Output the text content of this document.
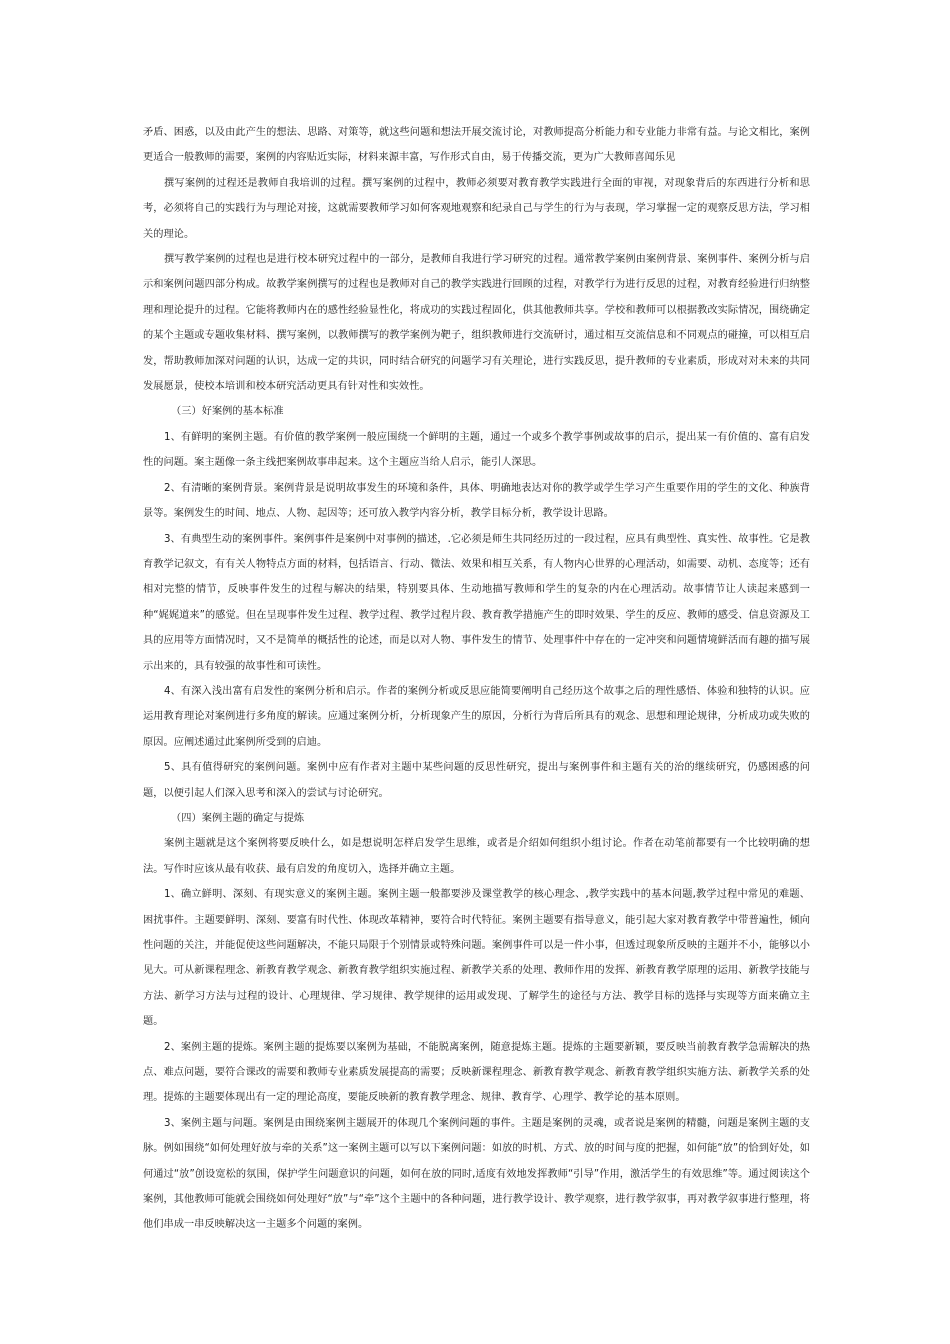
矛盾、困惑，以及由此产生的想法、思路、对策等，就这些问题和想法开展交流讨论，对教师提高分析能力和专业能力非常有益。与论文相比，案例更适合一般教师的需要，案例的内容贴近实际，材料来源丰富，写作形式自由，易于传播交流，更为广大教师喜闻乐见

撰写案例的过程还是教师自我培训的过程。撰写案例的过程中，教师必须要对教育教学实践进行全面的审视，对现象背后的东西进行分析和思考，必须将自己的实践行为与理论对接，这就需要教师学习如何客观地观察和纪录自己与学生的行为与表现，学习掌握一定的观察反思方法，学习相关的理论。

撰写教学案例的过程也是进行校本研究过程中的一部分，是教师自我进行学习研究的过程。通常教学案例由案例背景、案例事件、案例分析与启示和案例问题四部分构成。故教学案例撰写的过程也是教师对自己的教学实践进行回顾的过程，对教学行为进行反思的过程，对教育经验进行归纳整理和理论提升的过程。它能将教师内在的感性经验显性化，将成功的实践过程固化，供其他教师共享。学校和教师可以根据教改实际情况，围绕确定的某个主题或专题收集材料、撰写案例，以教师撰写的教学案例为靶子，组织教师进行交流研讨，通过相互交流信息和不同观点的碰撞，可以相互启发，帮助教师加深对问题的认识，达成一定的共识，同时结合研究的问题学习有关理论，进行实践反思，提升教师的专业素质，形成对对未来的共同发展愿景，使校本培训和校本研究活动更具有针对性和实效性。

（三）好案例的基本标准

1、有鲜明的案例主题。有价值的教学案例一般应围绕一个鲜明的主题，通过一个或多个教学事例或故事的启示，提出某一有价值的、富有启发性的问题。案主题像一条主线把案例故事串起来。这个主题应当给人启示，能引人深思。

2、有清晰的案例背景。案例背景是说明故事发生的环境和条件，具体、明确地表达对你的教学或学生学习产生重要作用的学生的文化、种族背景等。案例发生的时间、地点、人物、起因等；还可放入教学内容分析，教学目标分析，教学设计思路。

3、有典型生动的案例事件。案例事件是案例中对事例的描述，.它必须是师生共同经历过的一段过程，应具有典型性、真实性、故事性。它是教育教学记叙文，有有关人物特点方面的材料，包括语言、行动、微法、效果和相互关系，有人物内心世界的心理活动，如需要、动机、态度等；还有相对完整的情节，反映事件发生的过程与解决的结果，特别要具体、生动地描写教师和学生的复杂的内在心理活动。故事情节让人读起来感到一种“娓娓道来”的感觉。但在呈现事件发生过程、教学过程、教学过程片段、教育教学措施产生的即时效果、学生的反应、教师的感受、信息资源及工具的应用等方面情况时，又不是简单的概括性的论述，而是以对人物、事件发生的情节、处理事件中存在的一定冲突和问题情境鲜活而有趣的描写展示出来的，具有较强的故事性和可读性。

4、有深入浅出富有启发性的案例分析和启示。作者的案例分析或反思应能简要阐明自己经历这个故事之后的理性感悟、体验和独特的认识。应运用教育理论对案例进行多角度的解读。应通过案例分析，分析现象产生的原因，分析行为背后所具有的观念、思想和理论规律，分析成功或失败的原因。应阐述通过此案例所受到的启迪。

5、具有值得研究的案例问题。案例中应有作者对主题中某些问题的反思性研究，提出与案例事件和主题有关的治的继续研究，仍感困惑的问题，以便引起人们深入思考和深入的尝试与讨论研究。

（四）案例主题的确定与提炼

案例主题就是这个案例将要反映什么，如是想说明怎样启发学生思维，或者是介绍如何组织小组讨论。作者在动笔前都要有一个比较明确的想法。写作时应该从最有收获、最有启发的角度切入，选择并确立主题。

1、确立鲜明、深刻、有现实意义的案例主题。案例主题一般都要涉及课堂教学的核心理念、,教学实践中的基本问题,教学过程中常见的难题、困扰事件。主题要鲜明、深刻、要富有时代性、体现改革精神，要符合时代特征。案例主题要有指导意义，能引起大家对教育教学中带普遍性，倾向性问题的关注，并能促使这些问题解决，不能只局限于个别情景或特殊问题。案例事件可以是一件小事，但透过现象所反映的主题并不小，能够以小见大。可从新课程理念、新教育教学观念、新教育教学组织实施过程、新教学关系的处理、教师作用的发挥、新教育教学原理的运用、新教学技能与方法、新学习方法与过程的设计、心理规律、学习规律、教学规律的运用或发现、了解学生的途径与方法、教学目标的选择与实现等方面来确立主题。

2、案例主题的提炼。案例主题的提炼要以案例为基础，不能脱离案例，随意提炼主题。提炼的主题要新颖，要反映当前教育教学急需解决的热点、难点问题，要符合课改的需要和教师专业素质发展提高的需要；反映新课程理念、新教育教学观念、新教育教学组织实施方法、新教学关系的处理。提炼的主题要体现出有一定的理论高度，要能反映新的教育教学理念、规律、教育学、心理学、教学论的基本原则。

3、案例主题与问题。案例是由围绕案例主题展开的体现几个案例问题的事件。主题是案例的灵魂，或者说是案例的精髓，问题是案例主题的支脉。例如围绕“如何处理好放与牵的关系”这一案例主题可以写以下案例问题：如放的时机、方式、放的时间与度的把握，如何能“放”的恰到好处，如何通过“放”创设宽松的氛围，保护学生问题意识的问题，如何在放的同时,适度有效地发挥教师“引导”作用，激活学生的有效思维”等。通过阅读这个案例，其他教师可能就会围绕如何处理好“放”与“牵”这个主题中的各种问题，进行教学设计、教学观察，进行教学叙事，再对教学叙事进行整理，将他们串成一串反映解决这一主题多个问题的案例。
